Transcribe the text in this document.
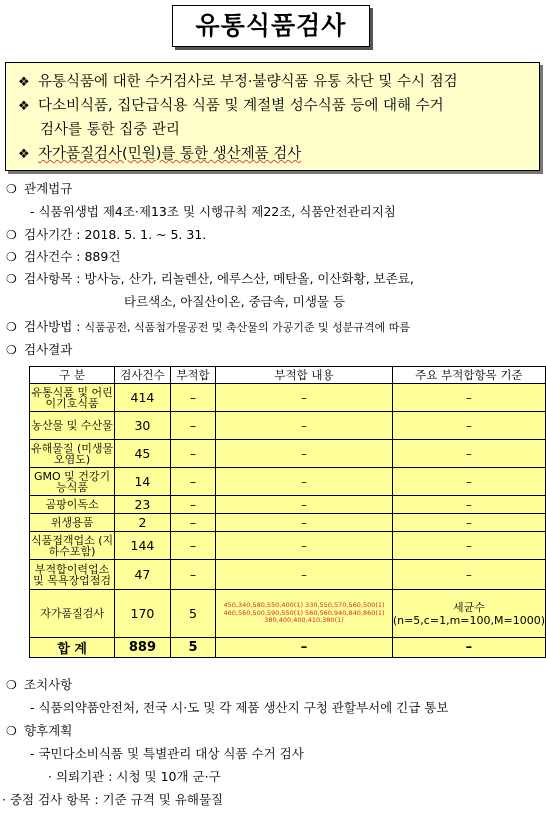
유통식품검사
❖ 유통식품에 대한 수거검사로 부정·불량식품 유통 차단 및 수시 점검
❖ 다소비식품, 집단급식용 식품 및 계절별 성수식품 등에 대해 수거
검사를 통한 집중 관리
❖ 자가품질검사(민원)를 통한 생산제품 검사
❍ 관계법규
- 식품위생법 제4조·제13조 및 시행규칙 제22조, 식품안전관리지침
❍ 검사기간 : 2018. 5. 1. ~ 5. 31.
❍ 검사건수 : 889건
❍ 검사항목 : 방사능, 산가, 리놀렌산, 에루스산, 메탄올, 이산화황, 보존료,
타르색소, 아질산이온, 중금속, 미생물 등
❍ 검사방법 : 식품공전, 식품첨가물공전 및 축산물의 가공기준 및 성분규격에 따름
❍ 검사결과
구 분	검사건수	부적합	부적합 내용	주요 부적합항목 기준
유통식품 및 어린이기호식품	414	–	–	–
농산물 및 수산물	30	–	–	–
유해물질 (미생물오염도)	45	–	–	–
GMO 및 건강기능식품	14	–	–	–
곰팡이독소	23	–	–	–
위생용품	2	–	–	–
식품접객업소 (지하수포함)	144	–	–	–
부적합이력업소 및 목욕장업점검	47	–	–	–
자가품질검사	170	5	450,340,580,550,400(1) 330,550,570,560,500(1) 460,560,500,590,550(1) 560,560,940,840,860(1) 380,400,400,410,380(1)	세균수 (n=5,c=1,m=100,M=1000)
합 계	889	5	–	–
❍ 조치사항
- 식품의약품안전처, 전국 시·도 및 각 제품 생산지 구청 관할부서에 긴급 통보
❍ 향후계획
- 국민다소비식품 및 특별관리 대상 식품 수거 검사
· 의뢰기관 : 시청 및 10개 군·구
· 중점 검사 항목 : 기준 규격 및 유해물질
